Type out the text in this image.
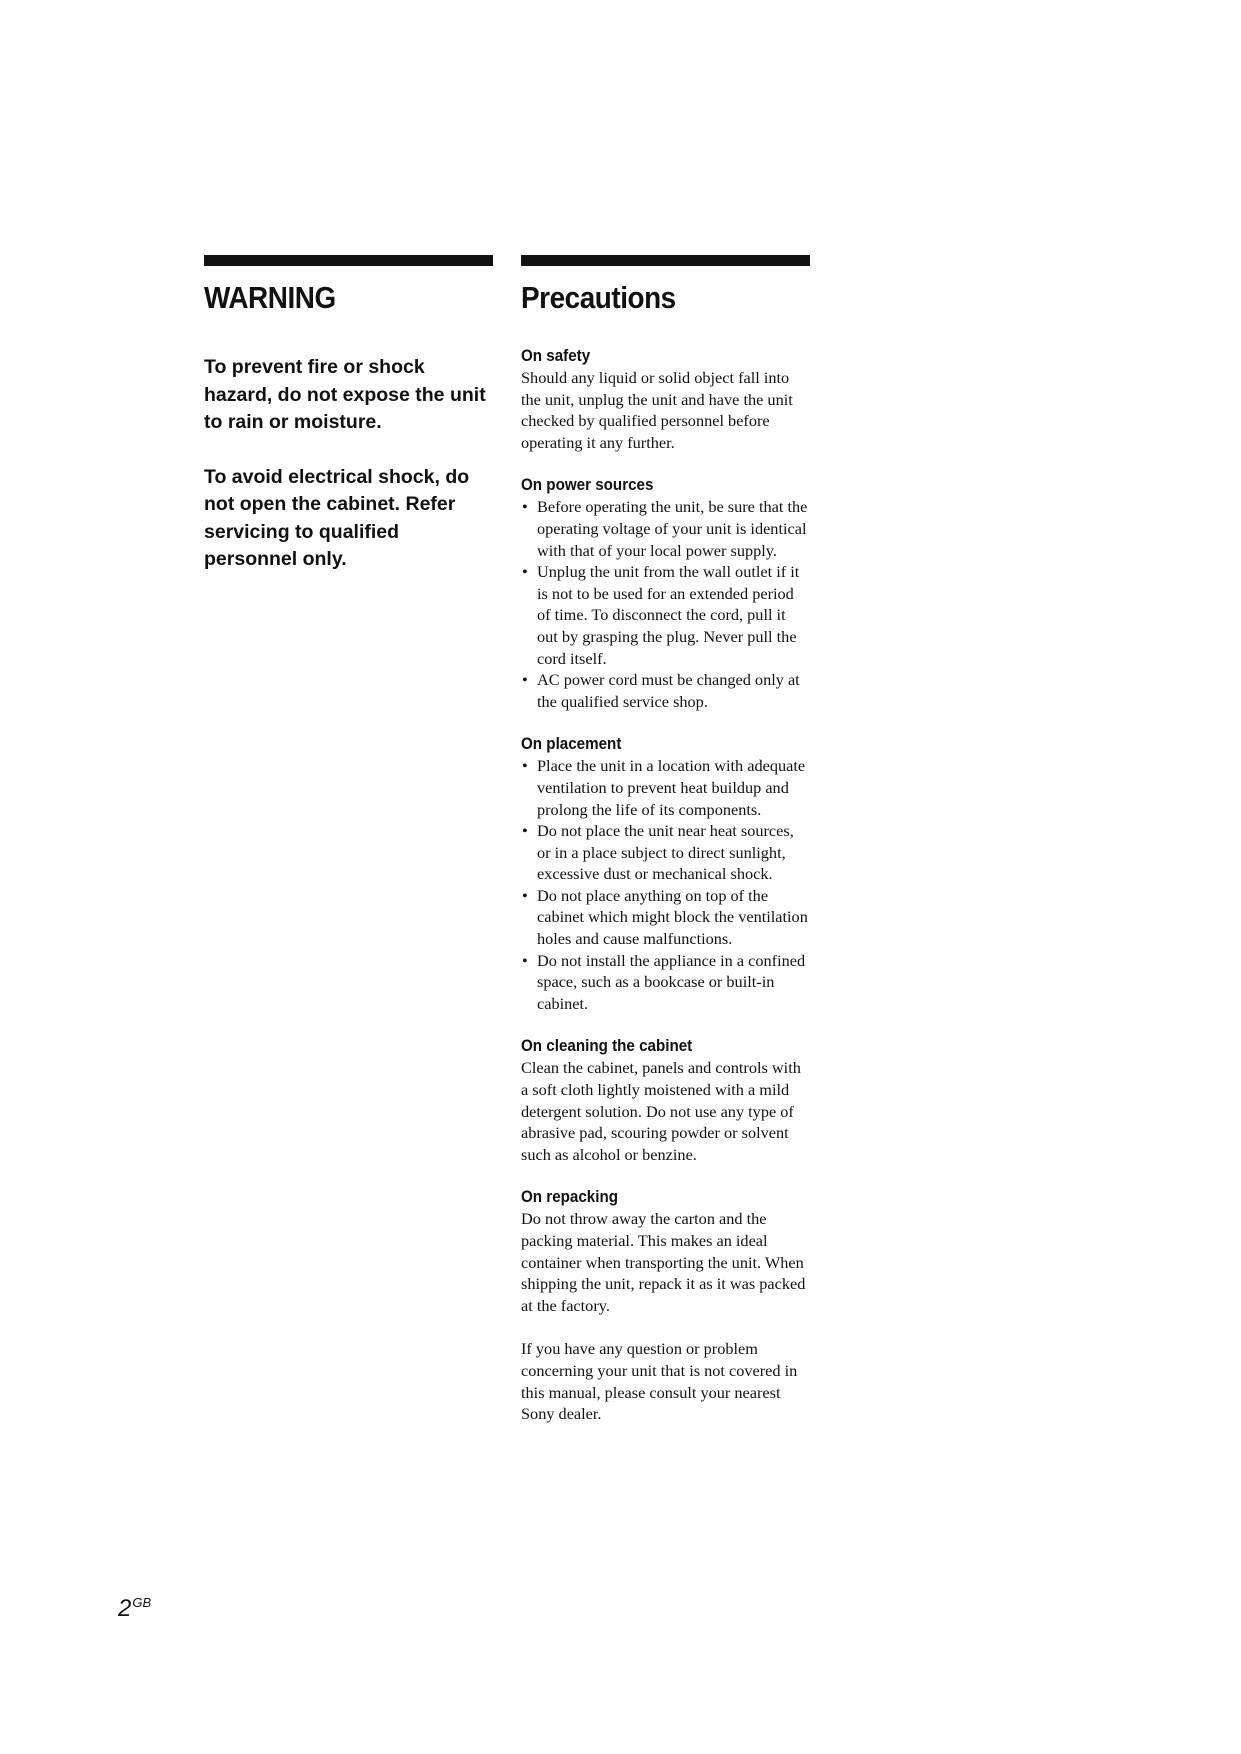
WARNING

To prevent fire or shock hazard, do not expose the unit to rain or moisture.

To avoid electrical shock, do not open the cabinet. Refer servicing to qualified personnel only.

Precautions
On safety

Should any liquid or solid object fall into the unit, unplug the unit and have the unit checked by qualified personnel before operating it any further.

On power sources
• Before operating the unit, be sure that the operating voltage of your unit is identical with that of your local power supply.
• Unplug the unit from the wall outlet if it is not to be used for an extended period of time. To disconnect the cord, pull it out by grasping the plug. Never pull the cord itself.
• AC power cord must be changed only at the qualified service shop.
On placement
• Place the unit in a location with adequate ventilation to prevent heat buildup and prolong the life of its components.
• Do not place the unit near heat sources, or in a place subject to direct sunlight, excessive dust or mechanical shock.
• Do not place anything on top of the cabinet which might block the ventilation holes and cause malfunctions.
• Do not install the appliance in a confined space, such as a bookcase or built-in cabinet.
On cleaning the cabinet

Clean the cabinet, panels and controls with a soft cloth lightly moistened with a mild detergent solution. Do not use any type of abrasive pad, scouring powder or solvent such as alcohol or benzine.

On repacking

Do not throw away the carton and the packing material. This makes an ideal container when transporting the unit. When shipping the unit, repack it as it was packed at the factory.

If you have any question or problem concerning your unit that is not covered in this manual, please consult your nearest Sony dealer.

$2^{GB}$
